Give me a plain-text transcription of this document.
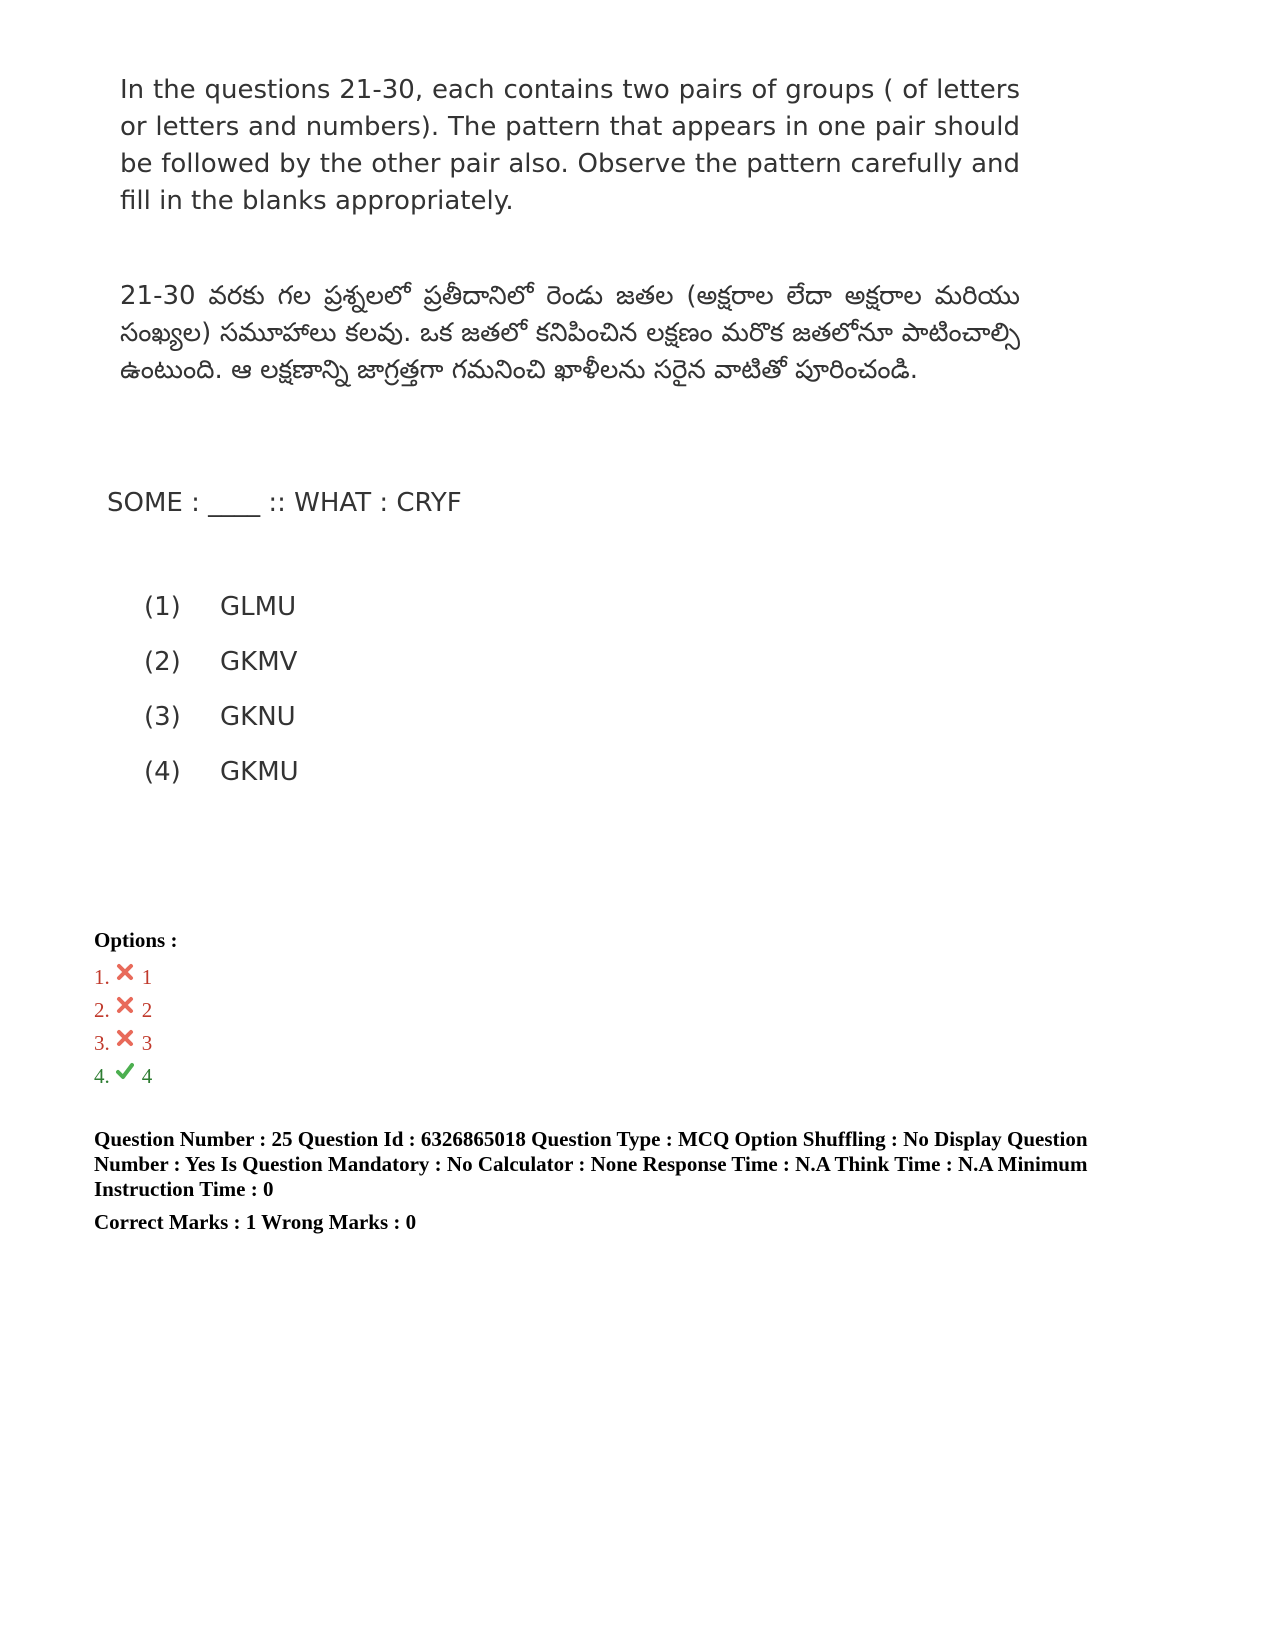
In the questions 21-30, each contains two pairs of groups ( of letters or letters and numbers). The pattern that appears in one pair should be followed by the other pair also. Observe the pattern carefully and fill in the blanks appropriately.

21-30 వరకు గల ప్రశ్నలలో ప్రతీదానిలో రెండు జతల (అక్షరాల లేదా అక్షరాల మరియు సంఖ్యల) సమూహాలు కలవు. ఒక జతలో కనిపించిన లక్షణం మరొక జతలోనూ పాటించాల్సి ఉంటుంది. ఆ లక్షణాన్ని జాగ్రత్తగా గమనించి ఖాళీలను సరైన వాటితో పూరించండి.

SOME : ____ :: WHAT : CRYF

(1) GLMU

(2) GKMV

(3) GKNU

(4) GKMU

Options :

1. 1
2. 2
3. 3
4. 4

Question Number : 25 Question Id : 6326865018 Question Type : MCQ Option Shuffling : No Display Question Number : Yes Is Question Mandatory : No Calculator : None Response Time : N.A Think Time : N.A Minimum Instruction Time : 0

Correct Marks : 1 Wrong Marks : 0
